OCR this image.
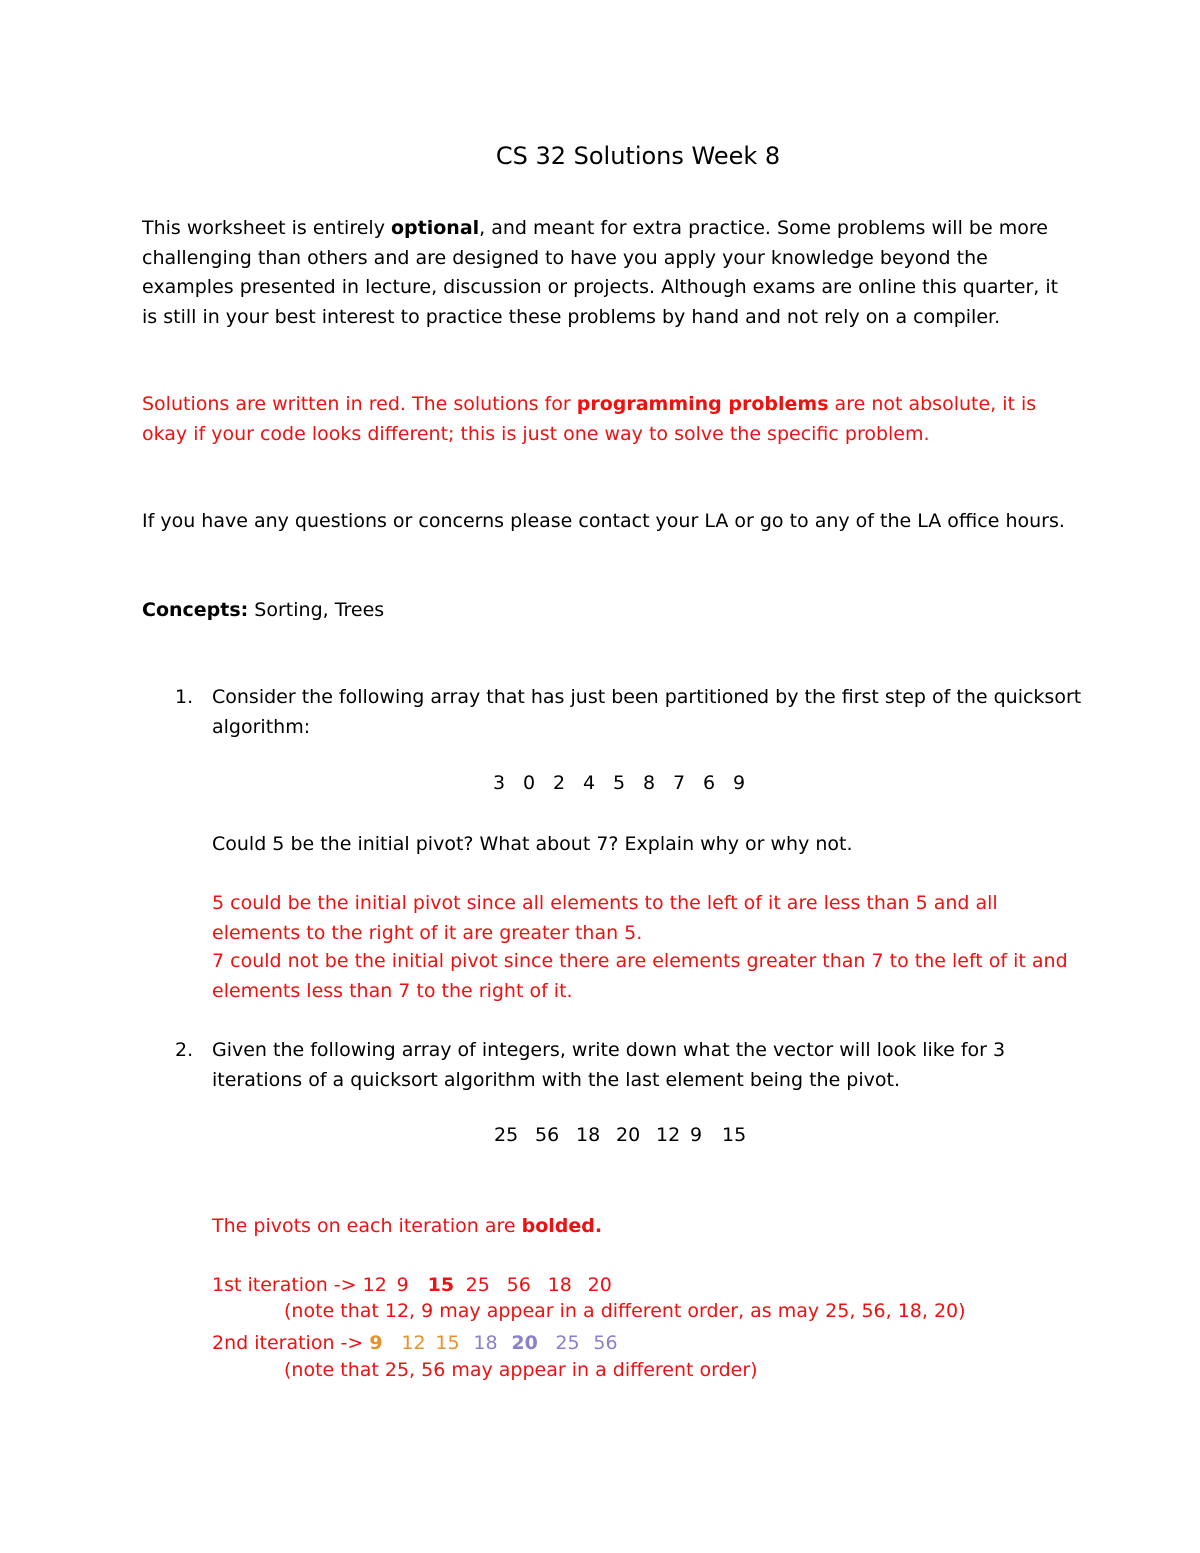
CS 32 Solutions Week 8
This worksheet is entirely optional, and meant for extra practice. Some problems will be more challenging than others and are designed to have you apply your knowledge beyond the examples presented in lecture, discussion or projects. Although exams are online this quarter, it is still in your best interest to practice these problems by hand and not rely on a compiler.
Solutions are written in red. The solutions for programming problems are not absolute, it is okay if your code looks different; this is just one way to solve the specific problem.
If you have any questions or concerns please contact your LA or go to any of the LA office hours.
Concepts: Sorting, Trees
1. Consider the following array that has just been partitioned by the first step of the quicksort algorithm:
3 0 2 4 5 8 7 6 9
Could 5 be the initial pivot? What about 7? Explain why or why not.
5 could be the initial pivot since all elements to the left of it are less than 5 and all elements to the right of it are greater than 5.
7 could not be the initial pivot since there are elements greater than 7 to the left of it and elements less than 7 to the right of it.
2. Given the following array of integers, write down what the vector will look like for 3 iterations of a quicksort algorithm with the last element being the pivot.
25 56 18 20 12 9 15
The pivots on each iteration are bolded.
1st iteration -> 12 9 15 25 56 18 20
(note that 12, 9 may appear in a different order, as may 25, 56, 18, 20)
2nd iteration -> 9 12 15 18 20 25 56
(note that 25, 56 may appear in a different order)
